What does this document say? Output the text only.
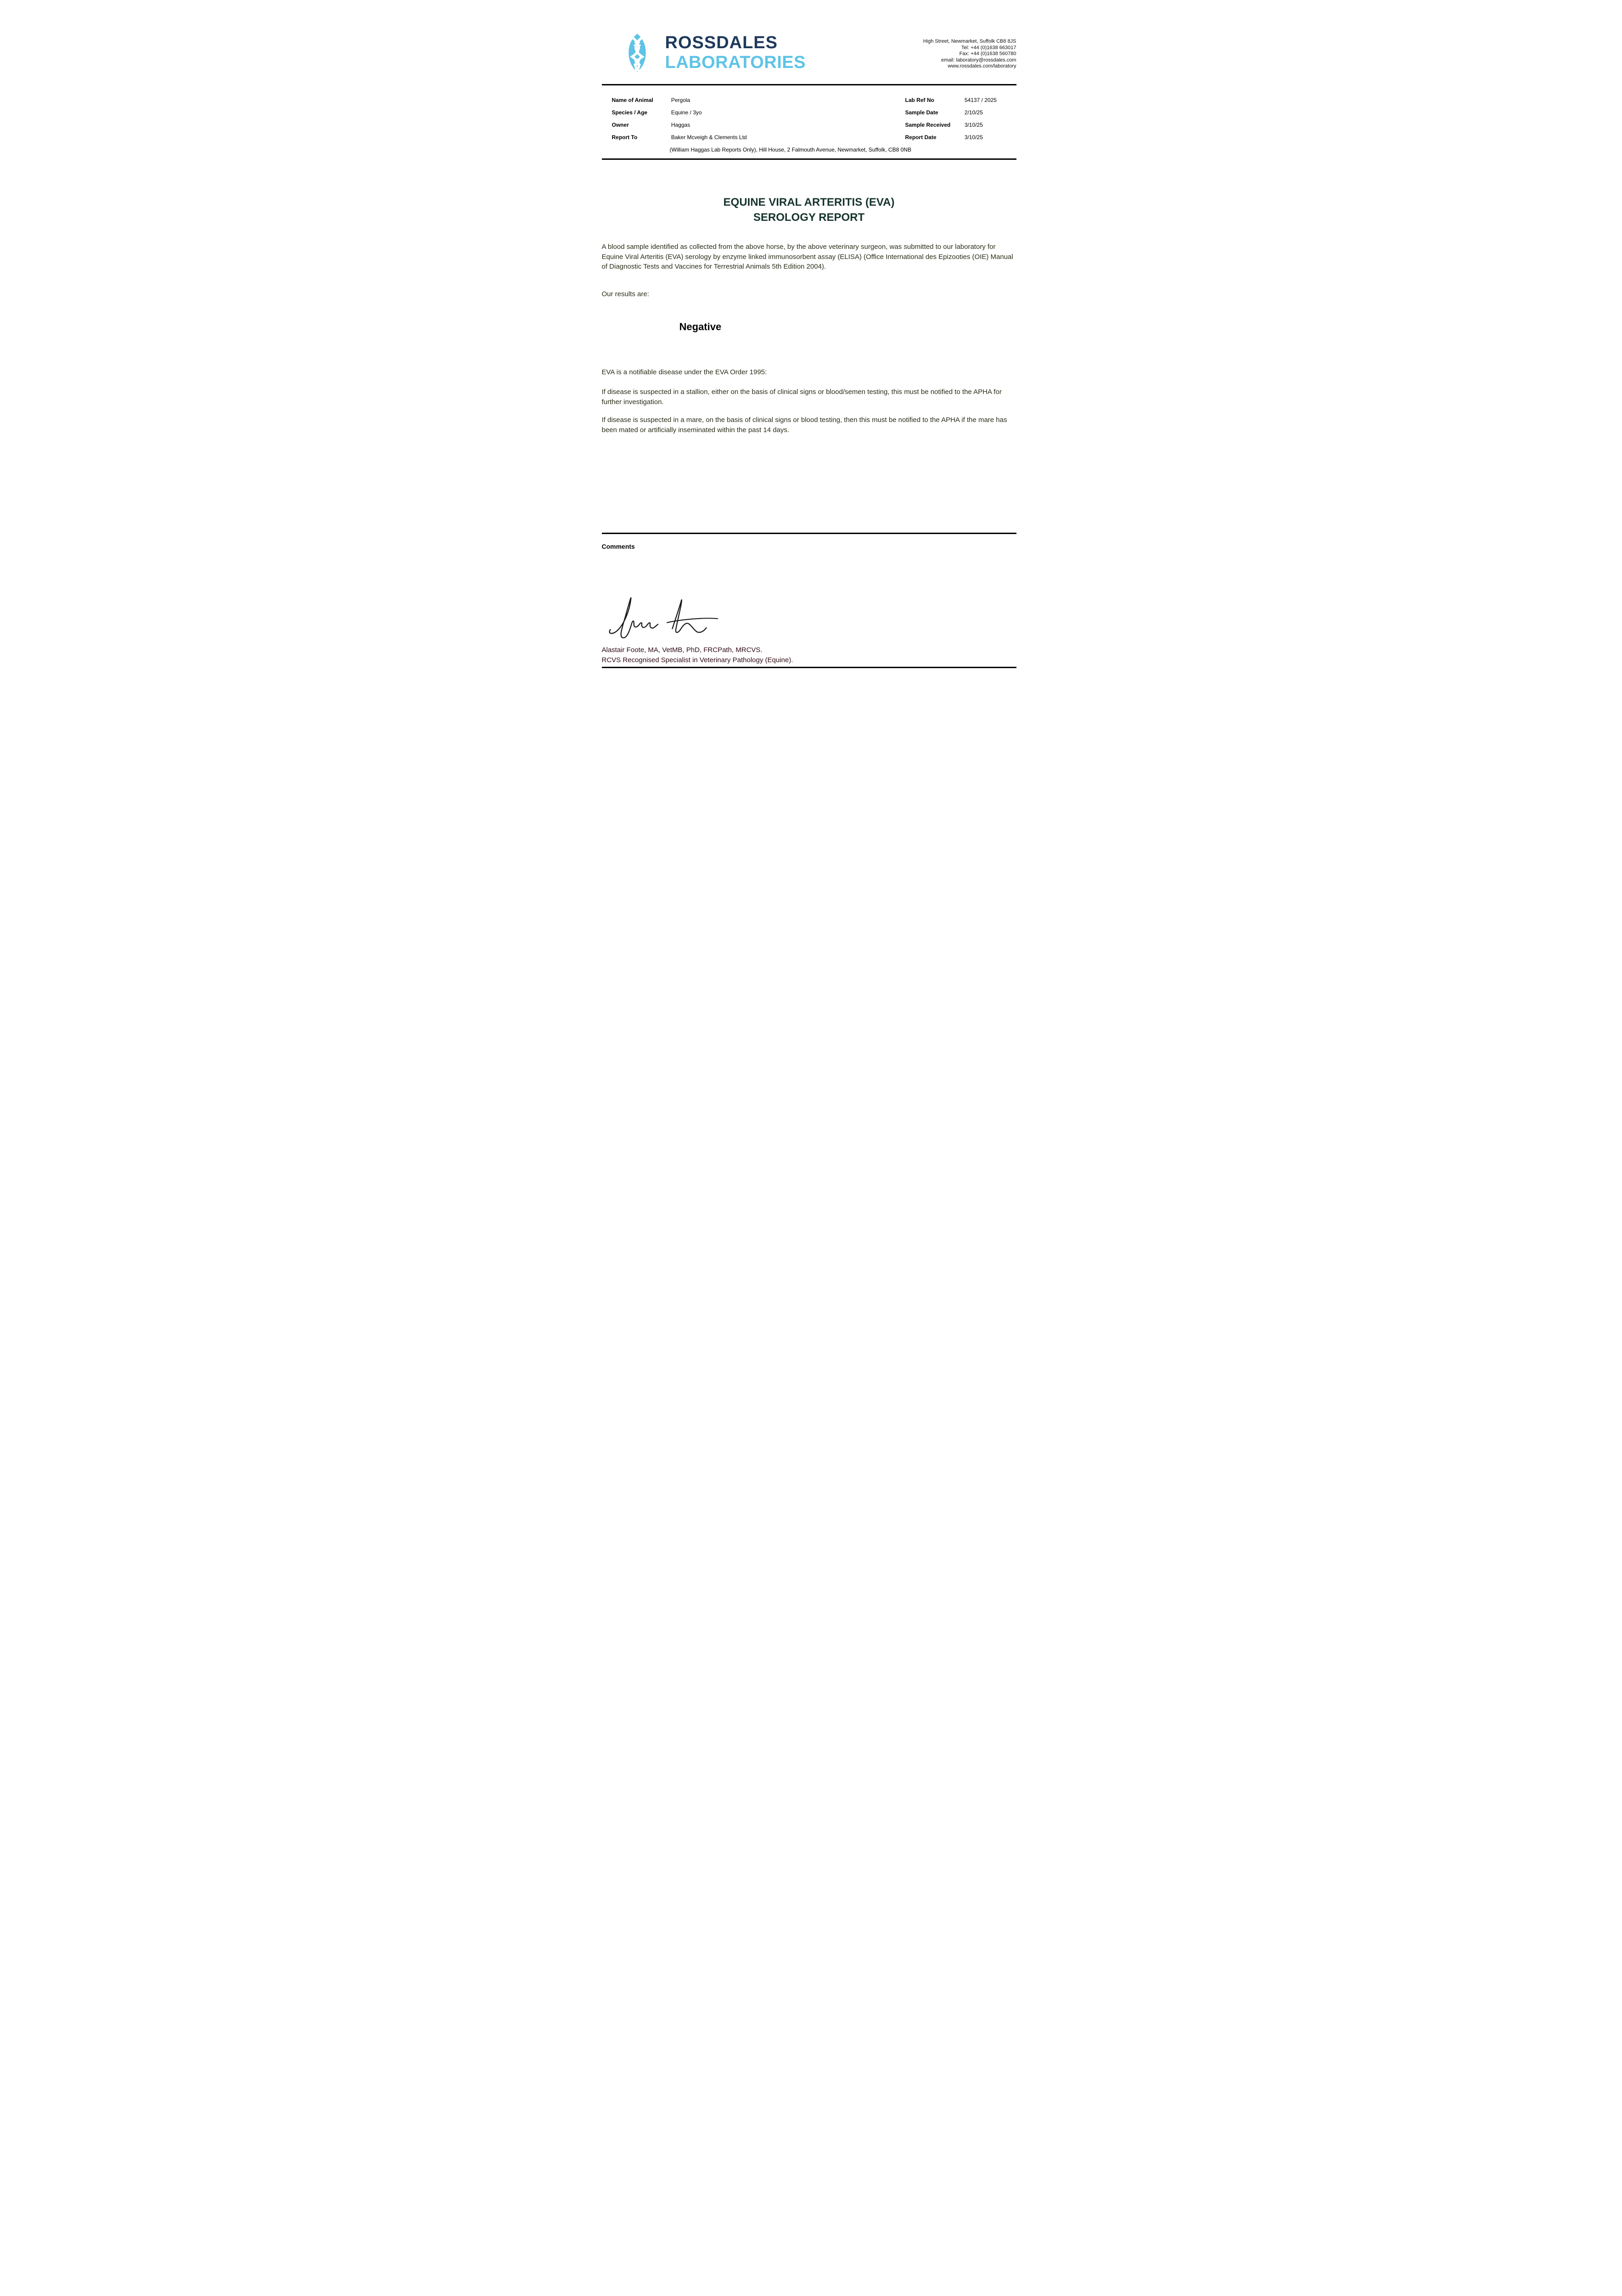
ROSSDALES
LABORATORIES
High Street, Newmarket, Suffolk CB8 8JS
Tel: +44 (0)1638 663017
Fax: +44 (0)1638 560780
email: laboratory@rossdales.com
www.rossdales.com/laboratory
Name of Animal	Pergola
Species / Age	Equine / 3yo
Owner	Haggas
Report To	Baker Mcveigh & Clements Ltd
Lab Ref No	54137 / 2025
Sample Date	2/10/25
Sample Received	3/10/25
Report Date	3/10/25
(William Haggas Lab Reports Only), Hill House, 2 Falmouth Avenue, Newmarket, Suffolk, CB8 0NB
EQUINE VIRAL ARTERITIS (EVA)
SEROLOGY REPORT
A blood sample identified as collected from the above horse, by the above veterinary surgeon, was submitted to our laboratory for Equine Viral Arteritis (EVA) serology by enzyme linked immunosorbent assay (ELISA) (Office International des Epizooties (OIE) Manual of Diagnostic Tests and Vaccines for Terrestrial Animals 5th Edition 2004).
Our results are:
Negative
EVA is a notifiable disease under the EVA Order 1995:
If disease is suspected in a stallion, either on the basis of clinical signs or blood/semen testing, this must be notified to the APHA for further investigation.
If disease is suspected in a mare, on the basis of clinical signs or blood testing, then this must be notified to the APHA if the mare has been mated or artificially inseminated within the past 14 days.
Comments
Alastair Foote, MA, VetMB, PhD, FRCPath, MRCVS.
RCVS Recognised Specialist in Veterinary Pathology (Equine).
